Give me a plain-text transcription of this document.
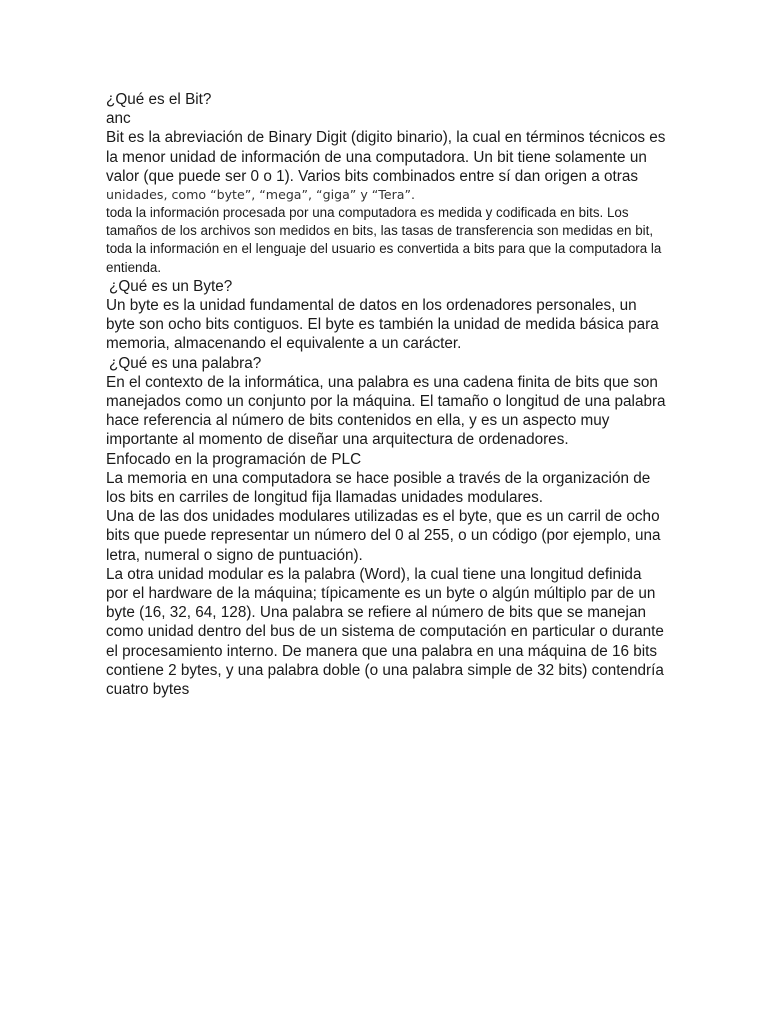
¿Qué es el Bit?

anc

Bit es la abreviación de Binary Digit (digito binario), la cual en términos técnicos es la menor unidad de información de una computadora. Un bit tiene solamente un valor (que puede ser 0 o 1). Varios bits combinados entre sí dan origen a otras

unidades, como “byte”, “mega”, “giga” y “Tera”.

toda la información procesada por una computadora es medida y codificada en bits. Los tamaños de los archivos son medidos en bits, las tasas de transferencia son medidas en bit, toda la información en el lenguaje del usuario es convertida a bits para que la computadora la entienda.

¿Qué es un Byte?

Un byte es la unidad fundamental de datos en los ordenadores personales, un byte son ocho bits contiguos. El byte es también la unidad de medida básica para memoria, almacenando el equivalente a un carácter.

¿Qué es una palabra?

En el contexto de la informática, una palabra es una cadena finita de bits que son manejados como un conjunto por la máquina. El tamaño o longitud de una palabra hace referencia al número de bits contenidos en ella, y es un aspecto muy importante al momento de diseñar una arquitectura de ordenadores.

Enfocado en la programación de PLC

La memoria en una computadora se hace posible a través de la organización de los bits en carriles de longitud fija llamadas unidades modulares.

Una de las dos unidades modulares utilizadas es el byte, que es un carril de ocho bits que puede representar un número del 0 al 255, o un código (por ejemplo, una letra, numeral o signo de puntuación).

La otra unidad modular es la palabra (Word), la cual tiene una longitud definida por el hardware de la máquina; típicamente es un byte o algún múltiplo par de un byte (16, 32, 64, 128). Una palabra se refiere al número de bits que se manejan como unidad dentro del bus de un sistema de computación en particular o durante el procesamiento interno. De manera que una palabra en una máquina de 16 bits contiene 2 bytes, y una palabra doble (o una palabra simple de 32 bits) contendría cuatro bytes
